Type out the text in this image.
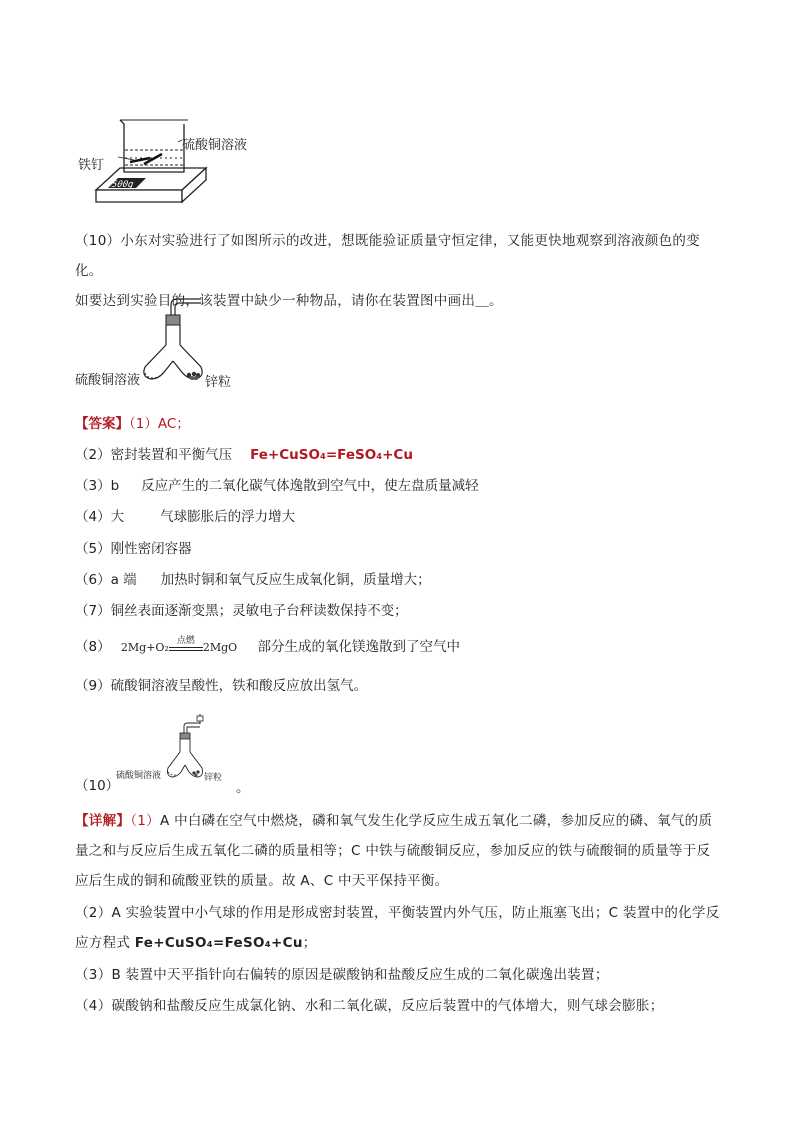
500g
硫酸铜溶液
铁钉
（10）小东对实验进行了如图所示的改进，想既能验证质量守恒定律，又能更快地观察到溶液颜色的变化。
如要达到实验目的，该装置中缺少一种物品，请你在装置图中画出＿。
硫酸铜溶液	锌粒
【答案】（1）AC；
（2）密封装置和平衡气压 Fe+CuSO₄=FeSO₄+Cu
（3）b 反应产生的二氧化碳气体逸散到空气中，使左盘质量减轻
（4）大	气球膨胀后的浮力增大
（5）刚性密闭容器
（6）a 端 加热时铜和氧气反应生成氧化铜，质量增大；
（7）铜丝表面逐渐变黑；灵敏电子台秤读数保持不变；
（8） 2Mg+O₂ 点燃 2MgO 部分生成的氧化镁逸散到了空气中
（9）硫酸铜溶液呈酸性，铁和酸反应放出氢气。
（10）
硫酸铜溶液	锌粒
。
【详解】（1）A 中白磷在空气中燃烧，磷和氧气发生化学反应生成五氧化二磷，参加反应的磷、氧气的质
量之和与反应后生成五氧化二磷的质量相等；C 中铁与硫酸铜反应，参加反应的铁与硫酸铜的质量等于反
应后生成的铜和硫酸亚铁的质量。故 A、C 中天平保持平衡。
（2）A 实验装置中小气球的作用是形成密封装置，平衡装置内外气压，防止瓶塞飞出；C 装置中的化学反
应方程式 Fe+CuSO₄=FeSO₄+Cu；
（3）B 装置中天平指针向右偏转的原因是碳酸钠和盐酸反应生成的二氧化碳逸出装置；
（4）碳酸钠和盐酸反应生成氯化钠、水和二氧化碳，反应后装置中的气体增大，则气球会膨胀；
